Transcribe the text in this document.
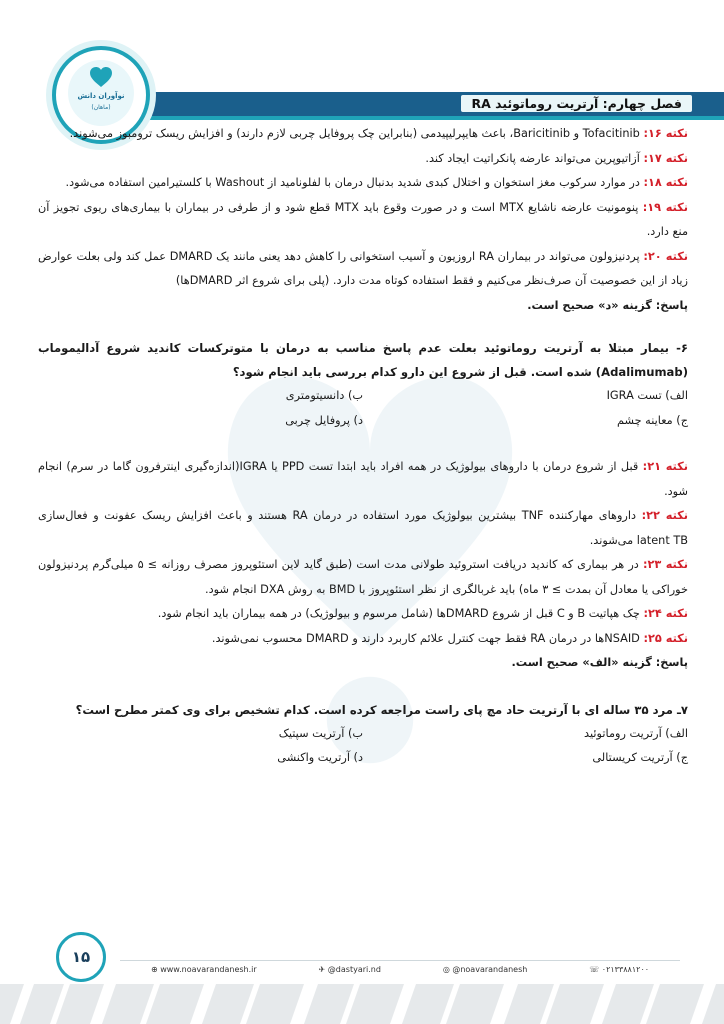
فصل چهارم: آرتریت روماتوئید RA
نوآوران دانش
(ماهان)

نکته ۱۶: Tofacitinib و Baricitinib، باعث هایپرلیپیدمی (بنابراین چک پروفایل چربی لازم دارند) و افزایش ریسک ترومبوز می‌شوند.

نکته ۱۷: آزاتیوپرین می‌تواند عارضه پانکراتیت ایجاد کند.

نکته ۱۸: در موارد سرکوب مغز استخوان و اختلال کبدی شدید بدنبال درمان با لفلوناميد از Washout با کلستیرامین استفاده می‌شود.

نکته ۱۹: پنومونیت عارضه ناشایع MTX است و در صورت وقوع باید MTX قطع شود و از طرفی در بیماران با بیماری‌های ریوی تجویز آن منع دارد.

نکته ۲۰: پردنیزولون می‌تواند در بیماران RA اروزیون و آسیب استخوانی را کاهش دهد یعنی مانند یک DMARD عمل کند ولی بعلت عوارض زیاد از این خصوصیت آن صرف‌نظر می‌کنیم و فقط استفاده کوتاه مدت دارد. (پلی برای شروع اثر DMARDها)

پاسخ: گزینه «د» صحیح است.

۶- بیمار مبتلا به آرتریت روماتوئید بعلت عدم پاسخ مناسب به درمان با متوترکسات کاندید شروع آدالیموماب (Adalimumab) شده است. قبل از شروع این دارو کدام بررسی باید انجام شود؟

الف) تست IGRA
ب) دانسیتومتری
ج) معاینه چشم
د) پروفایل چربی

نکته ۲۱: قبل از شروع درمان با داروهای بیولوژیک در همه افراد باید ابتدا تست PPD یا IGRA(اندازه‌گیری اینترفرون گاما در سرم) انجام شود.

نکته ۲۲: داروهای مهارکننده TNF بیشترین بیولوژیک مورد استفاده در درمان RA هستند و باعث افزایش ریسک عفونت و فعال‌سازی latent TB می‌شوند.

نکته ۲۳: در هر بیماری که کاندید دریافت استروئید طولانی مدت است (طبق گاید لاین استئوپروز مصرف روزانه ≥ ۵ میلی‌گرم پردنیزولون خوراکی یا معادل آن بمدت ≥ ۳ ماه) باید غربالگری از نظر استئوپروز با BMD به روش DXA انجام شود.

نکته ۲۴: چک هپاتیت B و C قبل از شروع DMARDها (شامل مرسوم و بیولوژیک) در همه بیماران باید انجام شود.

نکته ۲۵: NSAIDها در درمان RA فقط جهت کنترل علائم کاربرد دارند و DMARD محسوب نمی‌شوند.

پاسخ: گزینه «الف» صحیح است.

۷ـ مرد ۳۵ ساله ای با آرتریت حاد مچ پای راست مراجعه کرده است. کدام تشخیص برای وی کمتر مطرح است؟

الف) آرتریت روماتوئید
ب) آرتریت سپتیک
ج) آرتریت کریستالی
د) آرتریت واکنشی
۱۵
⊕ www.noavarandanesh.ir	✈ @dastyari.nd	◎ @noavarandanesh	☏ ۰۲۱۳۳۸۸۱۲۰۰
